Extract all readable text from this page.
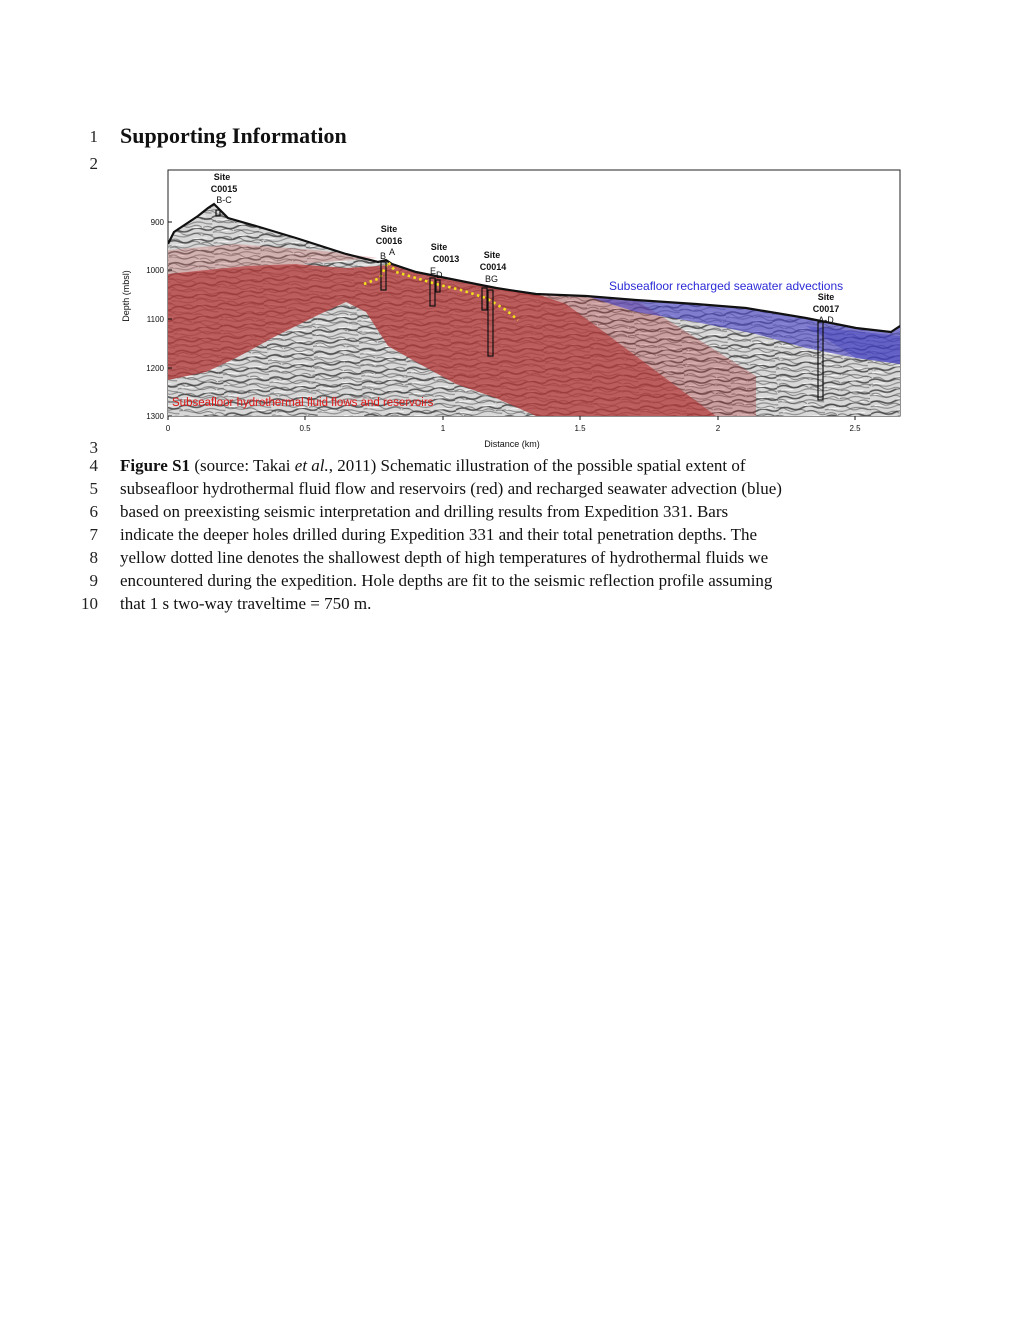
1
2
3
4
5
6
7
8
9
10
Supporting Information
Subseafloor hydrothermal fluid flows and reservoirs
Subseafloor recharged seawater advections
Site
C0015
Site
C0016
Site
C0013	Site
C0014
Site
C0017
B-C
B A
E D	BG
A-D
900
1000
1100
1200
1300
Depth (mbsl)
0	0.5	1	1.5	2	2.5
Distance (km)
Figure S1 (source: Takai et al., 2011) Schematic illustration of the possible spatial extent of
subseafloor hydrothermal fluid flow and reservoirs (red) and recharged seawater advection (blue)
based on preexisting seismic interpretation and drilling results from Expedition 331. Bars
indicate the deeper holes drilled during Expedition 331 and their total penetration depths. The
yellow dotted line denotes the shallowest depth of high temperatures of hydrothermal fluids we
encountered during the expedition. Hole depths are fit to the seismic reflection profile assuming
that 1 s two-way traveltime = 750 m.
